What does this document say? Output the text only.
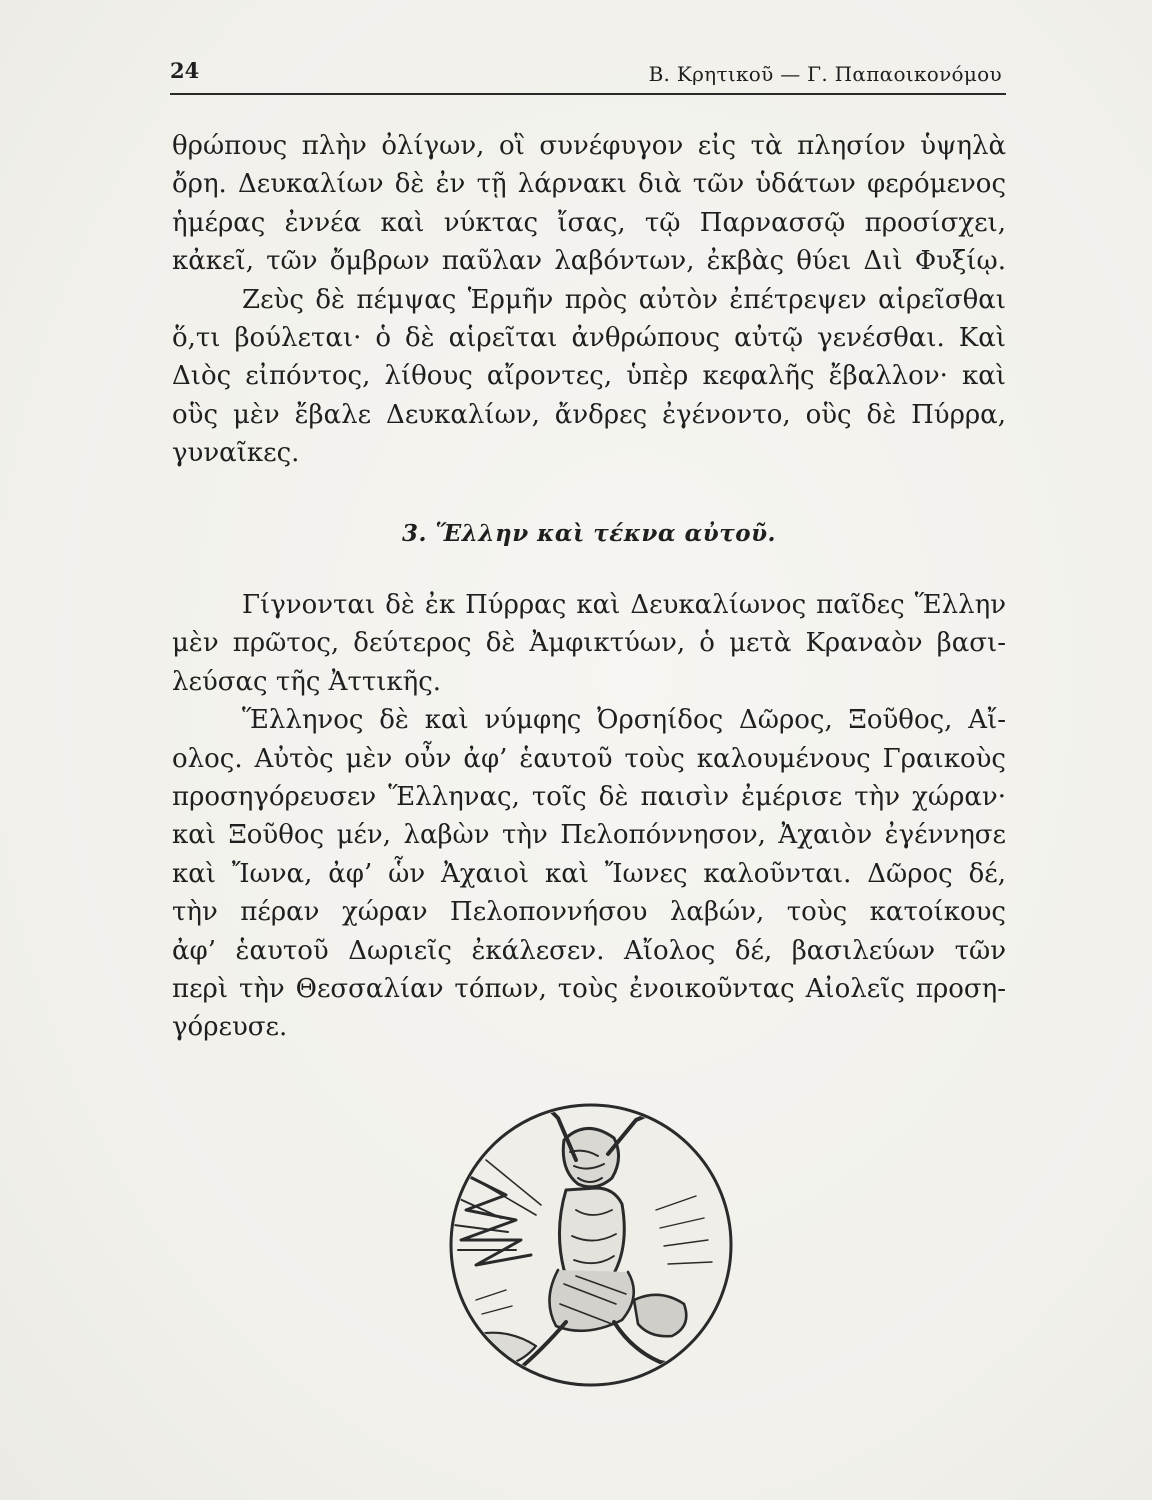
24	Β. Κρητικοῦ — Γ. Παπαοικονόμου
θρώπους πλὴν ὀλίγων, οἳ συνέφυγον εἰς τὰ πλησίον ὑψηλὰ
ὄρη. Δευκαλίων δὲ ἐν τῇ λάρνακι διὰ τῶν ὑδάτων φερόμενος
ἡμέρας ἐννέα καὶ νύκτας ἴσας, τῷ Παρνασσῷ προσίσχει,
κἀκεῖ, τῶν ὄμβρων παῦλαν λαβόντων, ἐκβὰς θύει Διὶ Φυξίῳ.
Ζεὺς δὲ πέμψας Ἑρμῆν πρὸς αὐτὸν ἐπέτρεψεν αἱρεῖσθαι
ὅ,τι βούλεται· ὁ δὲ αἱρεῖται ἀνθρώπους αὐτῷ γενέσθαι. Καὶ
Διὸς εἰπόντος, λίθους αἴροντες, ὑπὲρ κεφαλῆς ἔβαλλον· καὶ
οὓς μὲν ἔβαλε Δευκαλίων, ἄνδρες ἐγένοντο, οὓς δὲ Πύρρα,
γυναῖκες.
3. Ἕλλην καὶ τέκνα αὐτοῦ.
Γίγνονται δὲ ἐκ Πύρρας καὶ Δευκαλίωνος παῖδες Ἕλλην
μὲν πρῶτος, δεύτερος δὲ Ἀμφικτύων, ὁ μετὰ Κραναὸν βασι-
λεύσας τῆς Ἀττικῆς.
Ἕλληνος δὲ καὶ νύμφης Ὀρσηίδος Δῶρος, Ξοῦθος, Αἴ-
ολος. Αὐτὸς μὲν οὖν ἀφ’ ἑαυτοῦ τοὺς καλουμένους Γραικοὺς
προσηγόρευσεν Ἕλληνας, τοῖς δὲ παισὶν ἐμέρισε τὴν χώραν·
καὶ Ξοῦθος μέν, λαβὼν τὴν Πελοπόννησον, Ἀχαιὸν ἐγέννησε
καὶ Ἴωνα, ἀφ’ ὧν Ἀχαιοὶ καὶ Ἴωνες καλοῦνται. Δῶρος δέ,
τὴν πέραν χώραν Πελοποννήσου λαβών, τοὺς κατοίκους
ἀφ’ ἑαυτοῦ Δωριεῖς ἐκάλεσεν. Αἴολος δέ, βασιλεύων τῶν
περὶ τὴν Θεσσαλίαν τόπων, τοὺς ἐνοικοῦντας Αἰολεῖς προση-
γόρευσε.
